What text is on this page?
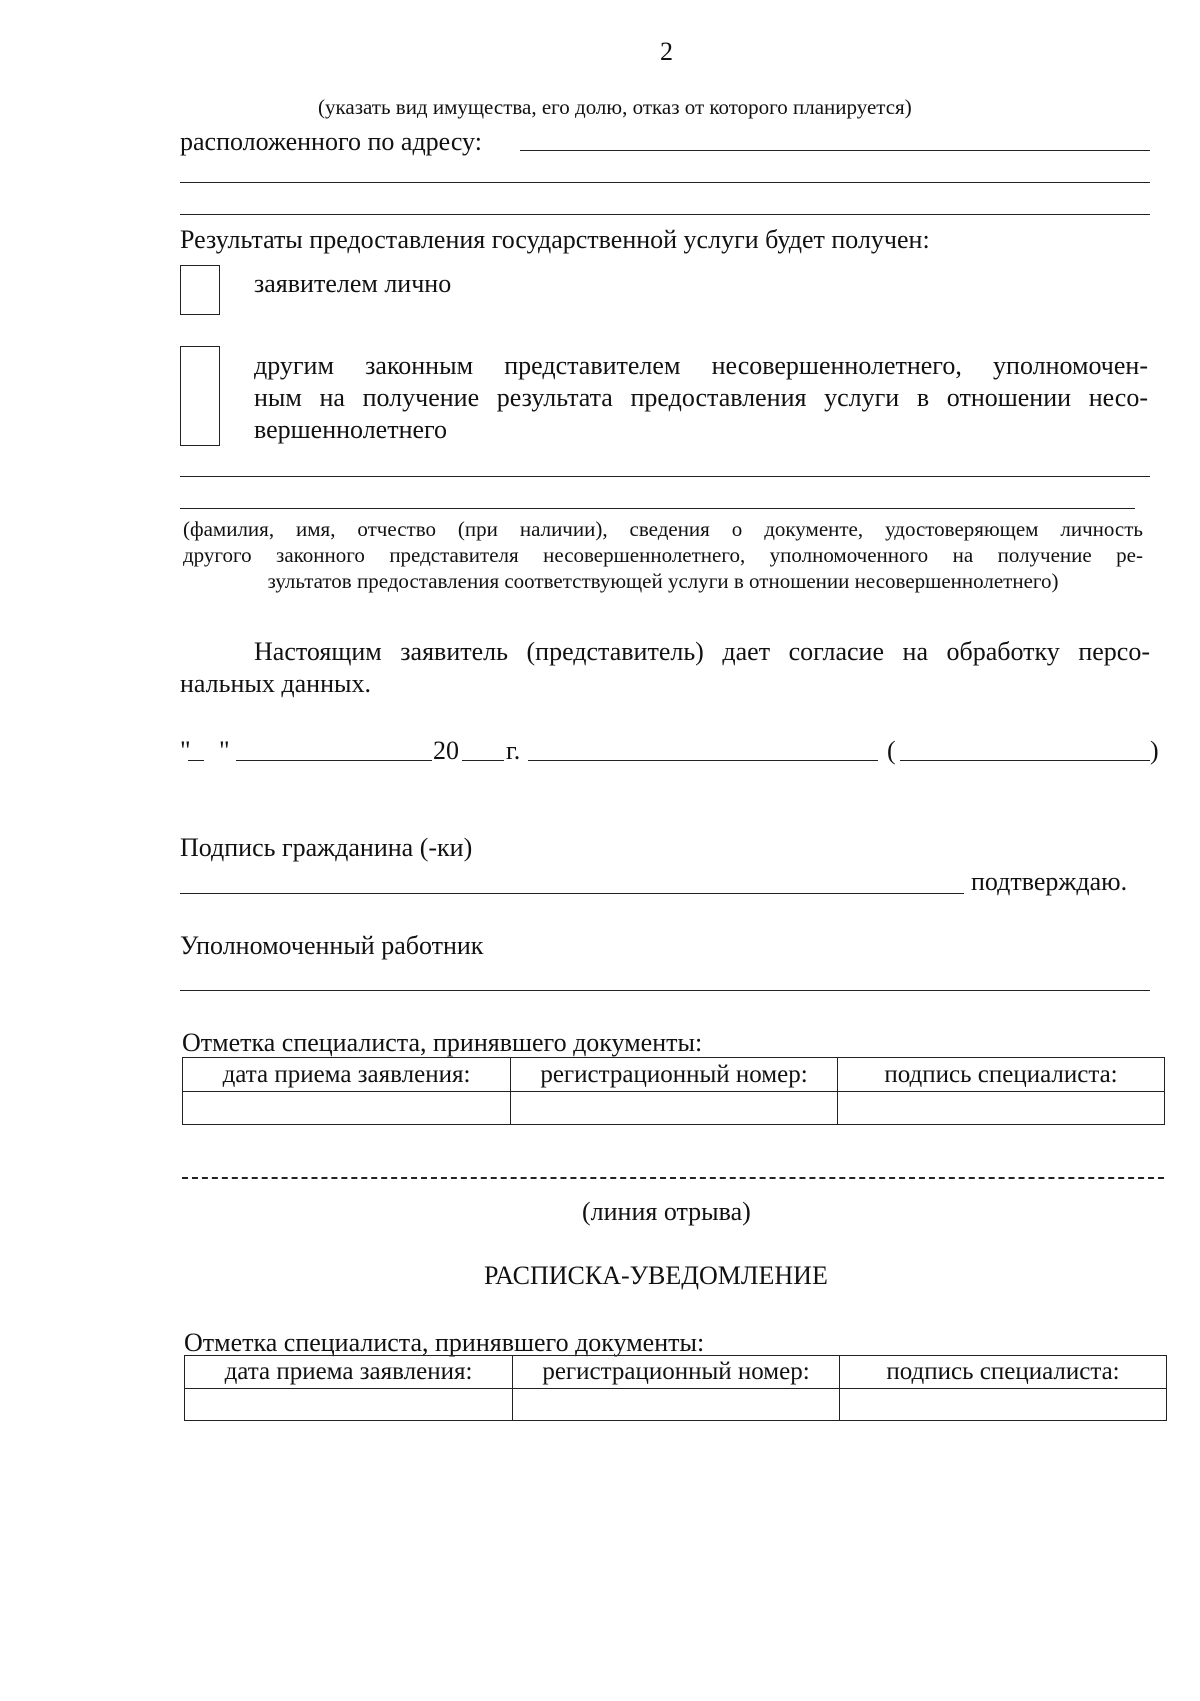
2
(указать вид имущества, его долю, отказ от которого планируется)
расположенного по адресу:
Результаты предоставления государственной услуги будет получен:
заявителем лично
другим законным представителем несовершеннолетнего, уполномочен-
ным на получение результата предоставления услуги в отношении несо-
вершеннолетнего
(фамилия, имя, отчество (при наличии), сведения о документе, удостоверяющем личность
другого законного представителя несовершеннолетнего, уполномоченного на получение ре-
зультатов предоставления соответствующей услуги в отношении несовершеннолетнего)
Настоящим заявитель (представитель) дает согласие на обработку персо-
нальных данных.
" "	20 г.	(	)
Подпись гражданина (-ки)
подтверждаю.
Уполномоченный работник
Отметка специалиста, принявшего документы:
дата приема заявления:	регистрационный номер:	подпись специалиста:

(линия отрыва)
РАСПИСКА-УВЕДОМЛЕНИЕ
Отметка специалиста, принявшего документы:
дата приема заявления:	регистрационный номер:	подпись специалиста:
